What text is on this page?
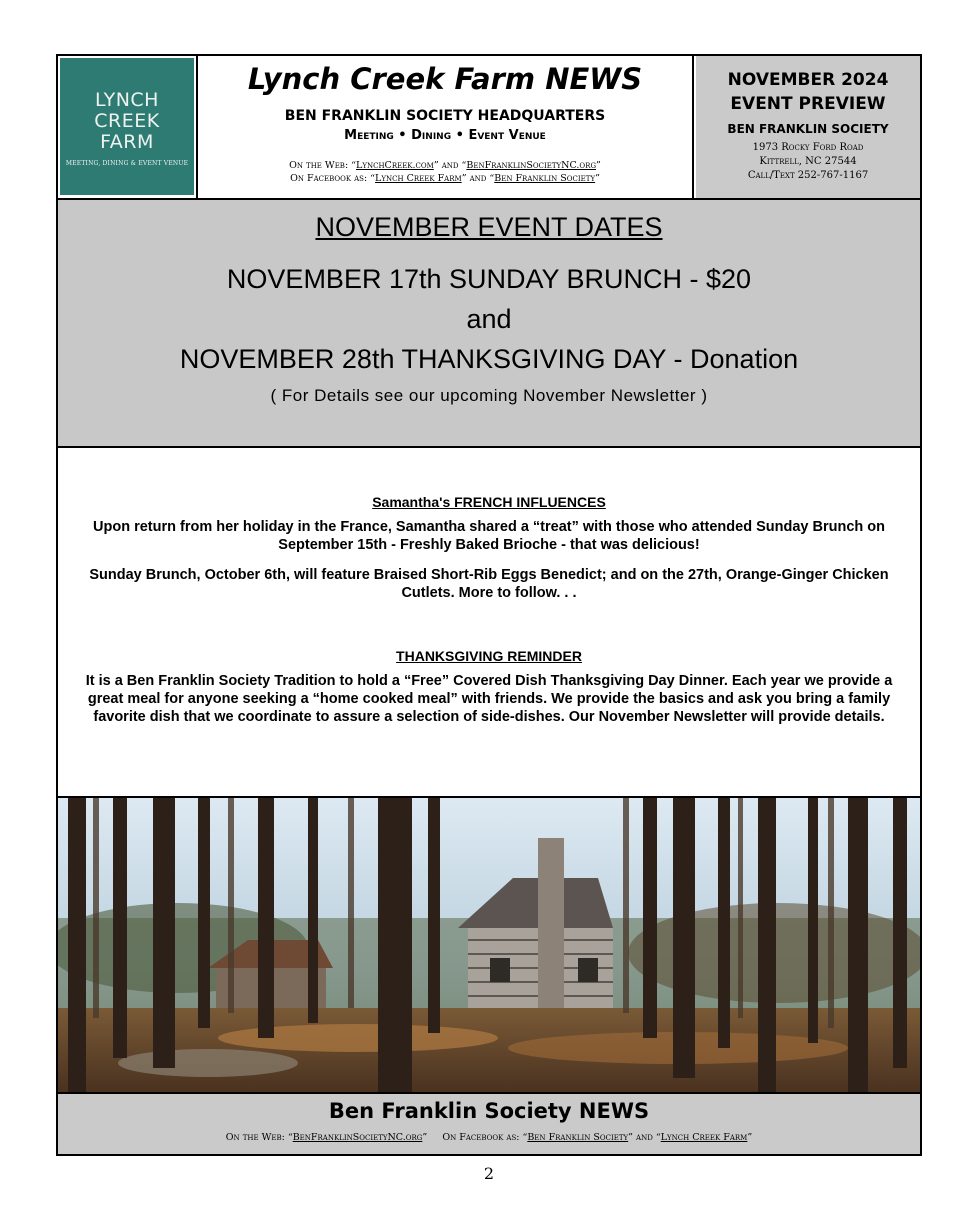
LYNCH
CREEK
FARM
MEETING, DINING & EVENT VENUE
Lynch Creek Farm NEWS
BEN FRANKLIN SOCIETY HEADQUARTERS
Meeting • Dining • Event Venue
On the Web: “LynchCreek.com” and “BenFranklinSocietyNC.org”
On Facebook as: “Lynch Creek Farm” and “Ben Franklin Society”
NOVEMBER 2024
EVENT PREVIEW
BEN FRANKLIN SOCIETY
1973 Rocky Ford Road
Kittrell, NC 27544
Call/Text 252-767-1167
NOVEMBER EVENT DATES
NOVEMBER 17th SUNDAY BRUNCH - $20
and
NOVEMBER 28th THANKSGIVING DAY - Donation
( For Details see our upcoming November Newsletter )
Samantha's FRENCH INFLUENCES
Upon return from her holiday in the France, Samantha shared a “treat” with those who attended Sunday Brunch on September 15th - Freshly Baked Brioche - that was delicious!
Sunday Brunch, October 6th, will feature Braised Short-Rib Eggs Benedict; and on the 27th, Orange-Ginger Chicken Cutlets. More to follow. . .
THANKSGIVING REMINDER
It is a Ben Franklin Society Tradition to hold a “Free” Covered Dish Thanksgiving Day Dinner. Each year we provide a great meal for anyone seeking a “home cooked meal” with friends. We provide the basics and ask you bring a family favorite dish that we coordinate to assure a selection of side-dishes. Our November Newsletter will provide details.
Ben Franklin Society NEWS
On the Web: “BenFranklinSocietyNC.org” On Facebook as: “Ben Franklin Society” and “Lynch Creek Farm”
2
